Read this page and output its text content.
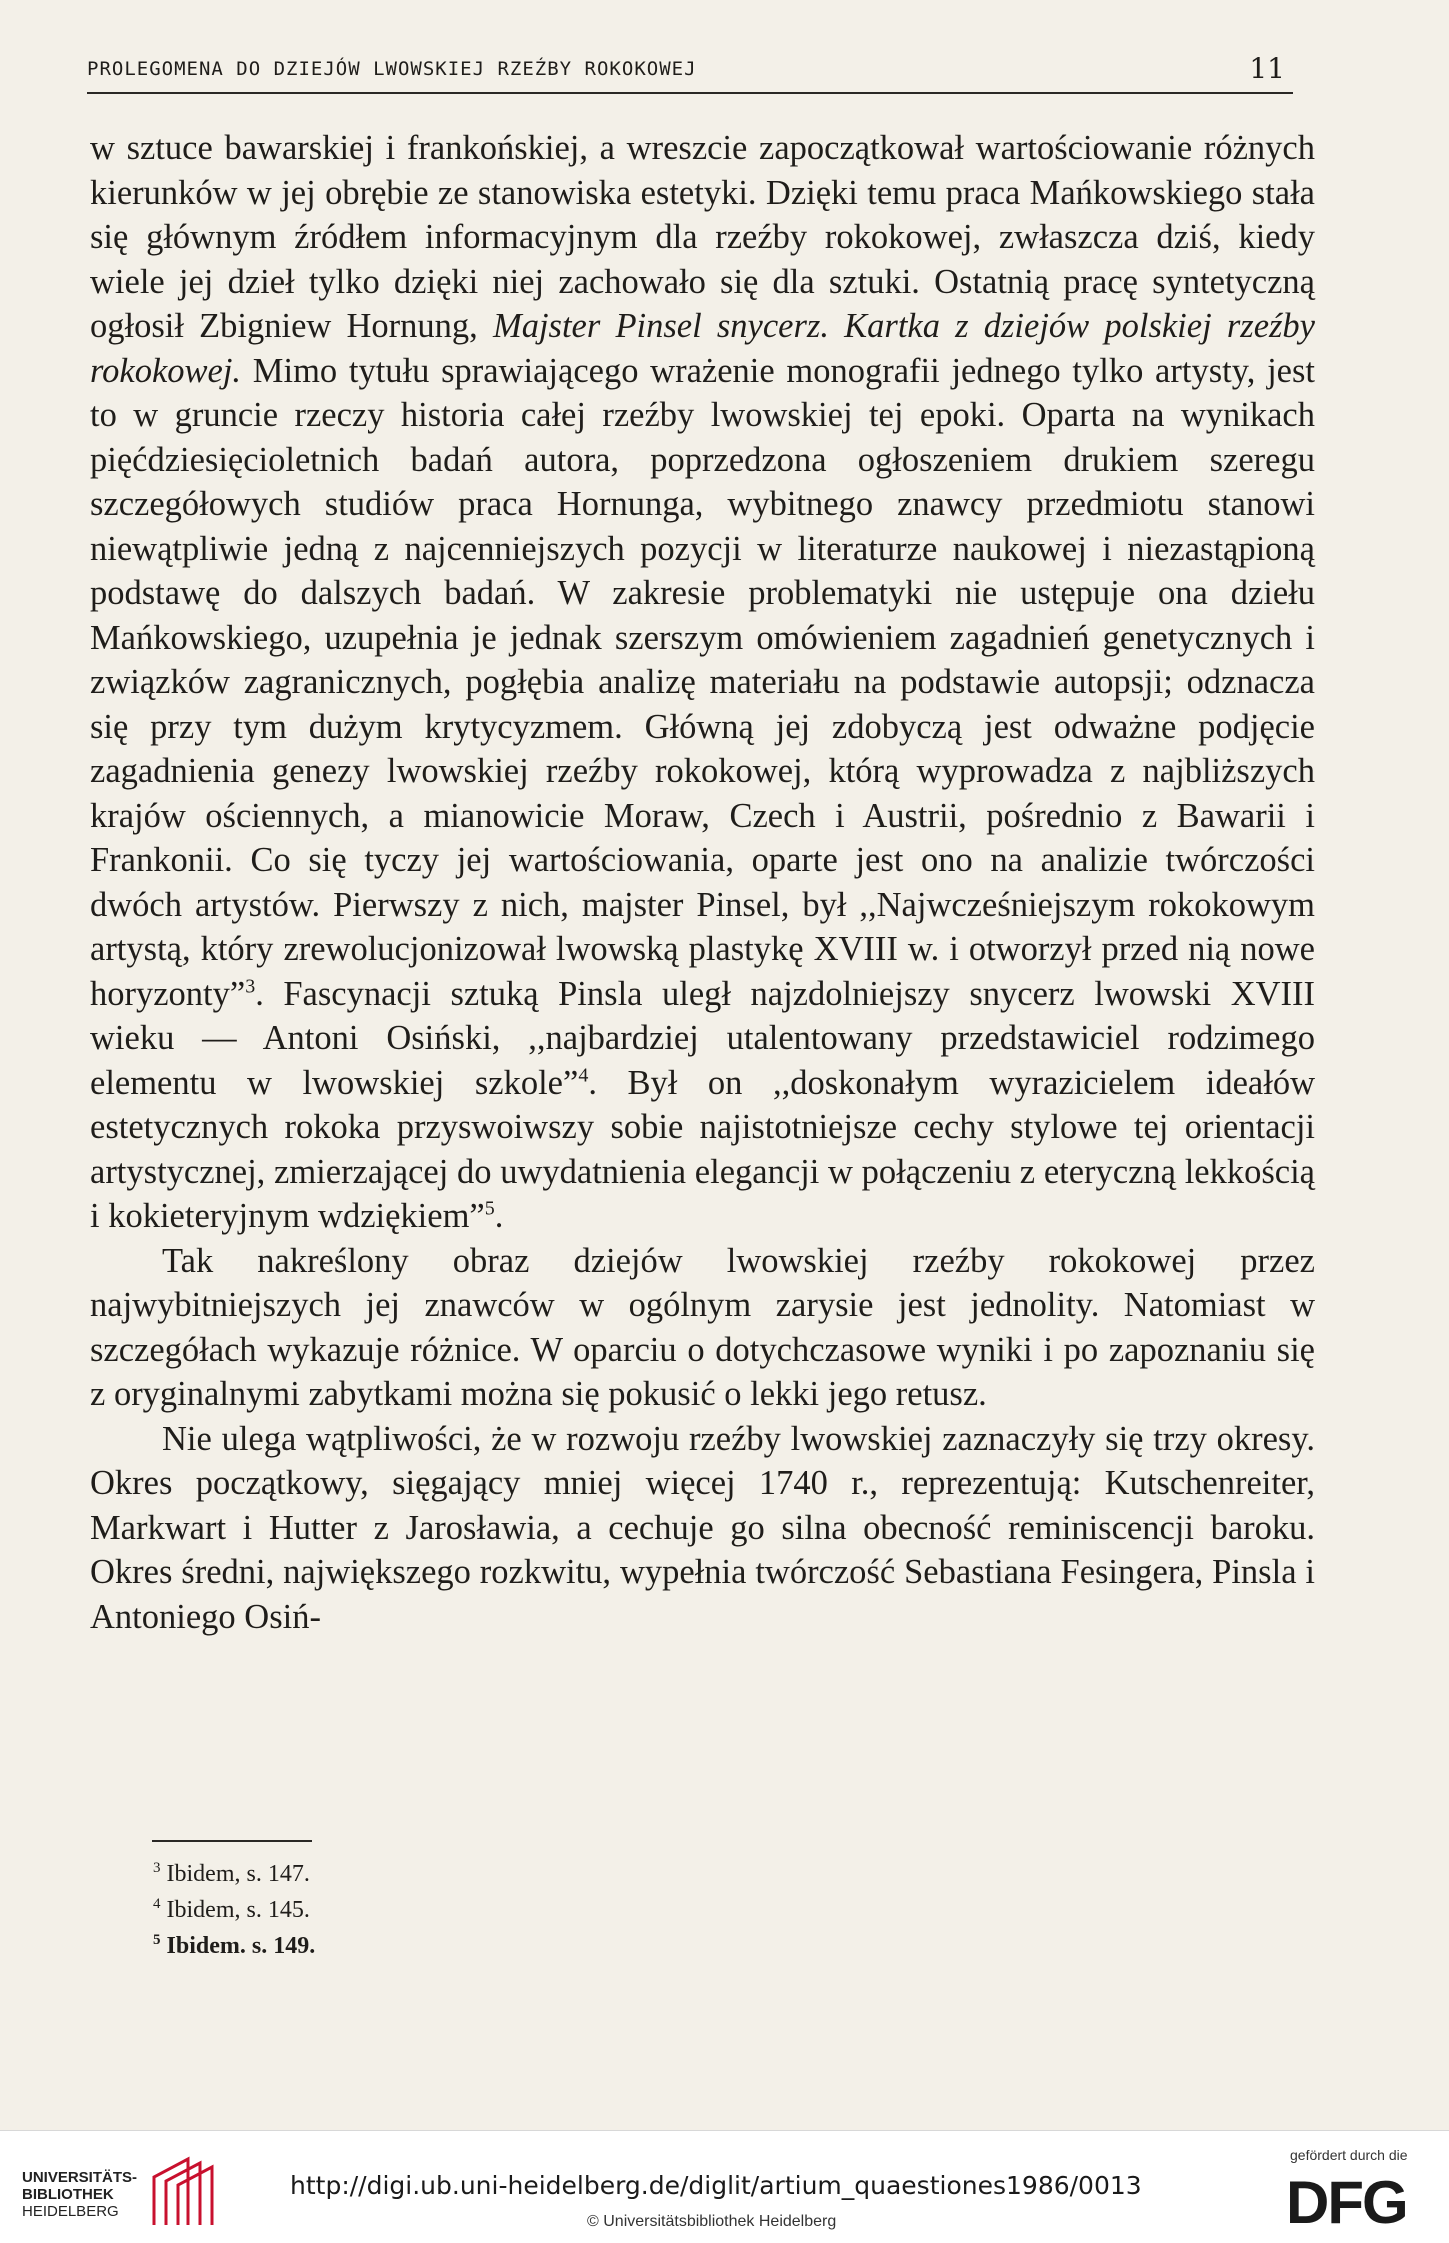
PROLEGOMENA DO DZIEJÓW LWOWSKIEJ RZEŹBY ROKOKOWEJ	11

w sztuce bawarskiej i frankońskiej, a wreszcie zapoczątkował wartościowanie różnych kierunków w jej obrębie ze stanowiska estetyki. Dzięki temu praca Mańkowskiego stała się głównym źródłem informacyjnym dla rzeźby rokokowej, zwłaszcza dziś, kiedy wiele jej dzieł tylko dzięki niej zachowało się dla sztuki. Ostatnią pracę syntetyczną ogłosił Zbigniew Hornung, Majster Pinsel snycerz. Kartka z dziejów polskiej rzeźby rokokowej. Mimo tytułu sprawiającego wrażenie monografii jednego tylko artysty, jest to w gruncie rzeczy historia całej rzeźby lwowskiej tej epoki. Oparta na wynikach pięćdziesięcioletnich badań autora, poprzedzona ogłoszeniem drukiem szeregu szczegółowych studiów praca Hornunga, wybitnego znawcy przedmiotu stanowi niewątpliwie jedną z najcenniejszych pozycji w literaturze naukowej i niezastąpioną podstawę do dalszych badań. W zakresie problematyki nie ustępuje ona dziełu Mańkowskiego, uzupełnia je jednak szerszym omówieniem zagadnień genetycznych i związków zagranicznych, pogłębia analizę materiału na podstawie autopsji; odznacza się przy tym dużym krytycyzmem. Główną jej zdobyczą jest odważne podjęcie zagadnienia genezy lwowskiej rzeźby rokokowej, którą wyprowadza z najbliższych krajów ościennych, a mianowicie Moraw, Czech i Austrii, pośrednio z Bawarii i Frankonii. Co się tyczy jej wartościowania, oparte jest ono na analizie twórczości dwóch artystów. Pierwszy z nich, majster Pinsel, był ,,Najwcześniejszym rokokowym artystą, który zrewolucjonizował lwowską plastykę XVIII w. i otworzył przed nią nowe horyzonty”$^3$. Fascynacji sztuką Pinsla uległ najzdolniejszy snycerz lwowski XVIII wieku — Antoni Osiński, ,,najbardziej utalentowany przedstawiciel rodzimego elementu w lwowskiej szkole”$^4$. Był on ,,doskonałym wyrazicielem ideałów estetycznych rokoka przyswoiwszy sobie najistotniejsze cechy stylowe tej orientacji artystycznej, zmierzającej do uwydatnienia elegancji w połączeniu z eteryczną lekkością i kokieteryjnym wdziękiem”$^5$.

Tak nakreślony obraz dziejów lwowskiej rzeźby rokokowej przez najwybitniejszych jej znawców w ogólnym zarysie jest jednolity. Natomiast w szczegółach wykazuje różnice. W oparciu o dotychczasowe wyniki i po zapoznaniu się z oryginalnymi zabytkami można się pokusić o lekki jego retusz.

Nie ulega wątpliwości, że w rozwoju rzeźby lwowskiej zaznaczyły się trzy okresy. Okres początkowy, sięgający mniej więcej 1740 r., reprezentują: Kutschenreiter, Markwart i Hutter z Jarosławia, a cechuje go silna obecność reminiscencji baroku. Okres średni, największego rozkwitu, wypełnia twórczość Sebastiana Fesingera, Pinsla i Antoniego Osiń-

$^3$ Ibidem, s. 147.
$^4$ Ibidem, s. 145.
$^5$ Ibidem. s. 149.
UNIVERSITÄTS-
BIBLIOTHEK
HEIDELBERG
http://digi.ub.uni-heidelberg.de/diglit/artium_quaestiones1986/0013
© Universitätsbibliothek Heidelberg
gefördert durch die
DFG
